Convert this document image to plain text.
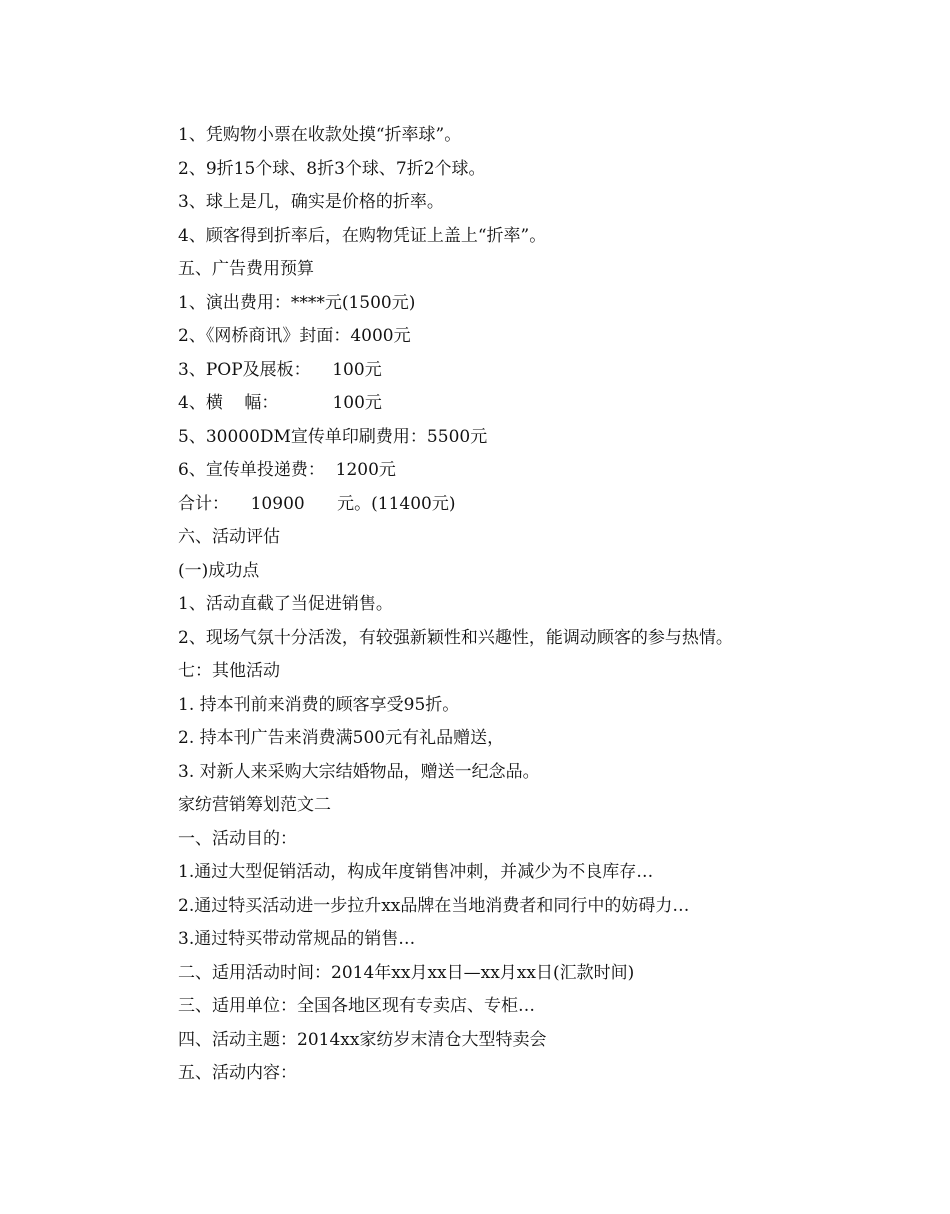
1、凭购物小票在收款处摸“折率球”。

2、9折15个球、8折3个球、7折2个球。

3、球上是几，确实是价格的折率。

4、顾客得到折率后，在购物凭证上盖上“折率”。

五、广告费用预算

1、演出费用：****元(1500元)

2、《网桥商讯》封面：4000元

3、POP及展板：    100元

4、横    幅：          100元

5、30000DM宣传单印刷费用：5500元

6、宣传单投递费：  1200元

合计：    10900      元。(11400元)

六、活动评估

(一)成功点

1、活动直截了当促进销售。

2、现场气氛十分活泼，有较强新颖性和兴趣性，能调动顾客的参与热情。

七：其他活动

1. 持本刊前来消费的顾客享受95折。

2. 持本刊广告来消费满500元有礼品赠送，

3. 对新人来采购大宗结婚物品，赠送一纪念品。

家纺营销筹划范文二

一、活动目的：

1.通过大型促销活动，构成年度销售冲刺，并减少为不良库存…

2.通过特买活动进一步拉升xx品牌在当地消费者和同行中的妨碍力…

3.通过特买带动常规品的销售…

二、适用活动时间：2014年xx月xx日—xx月xx日(汇款时间)

三、适用单位：全国各地区现有专卖店、专柜…

四、活动主题：2014xx家纺岁末清仓大型特卖会

五、活动内容：
